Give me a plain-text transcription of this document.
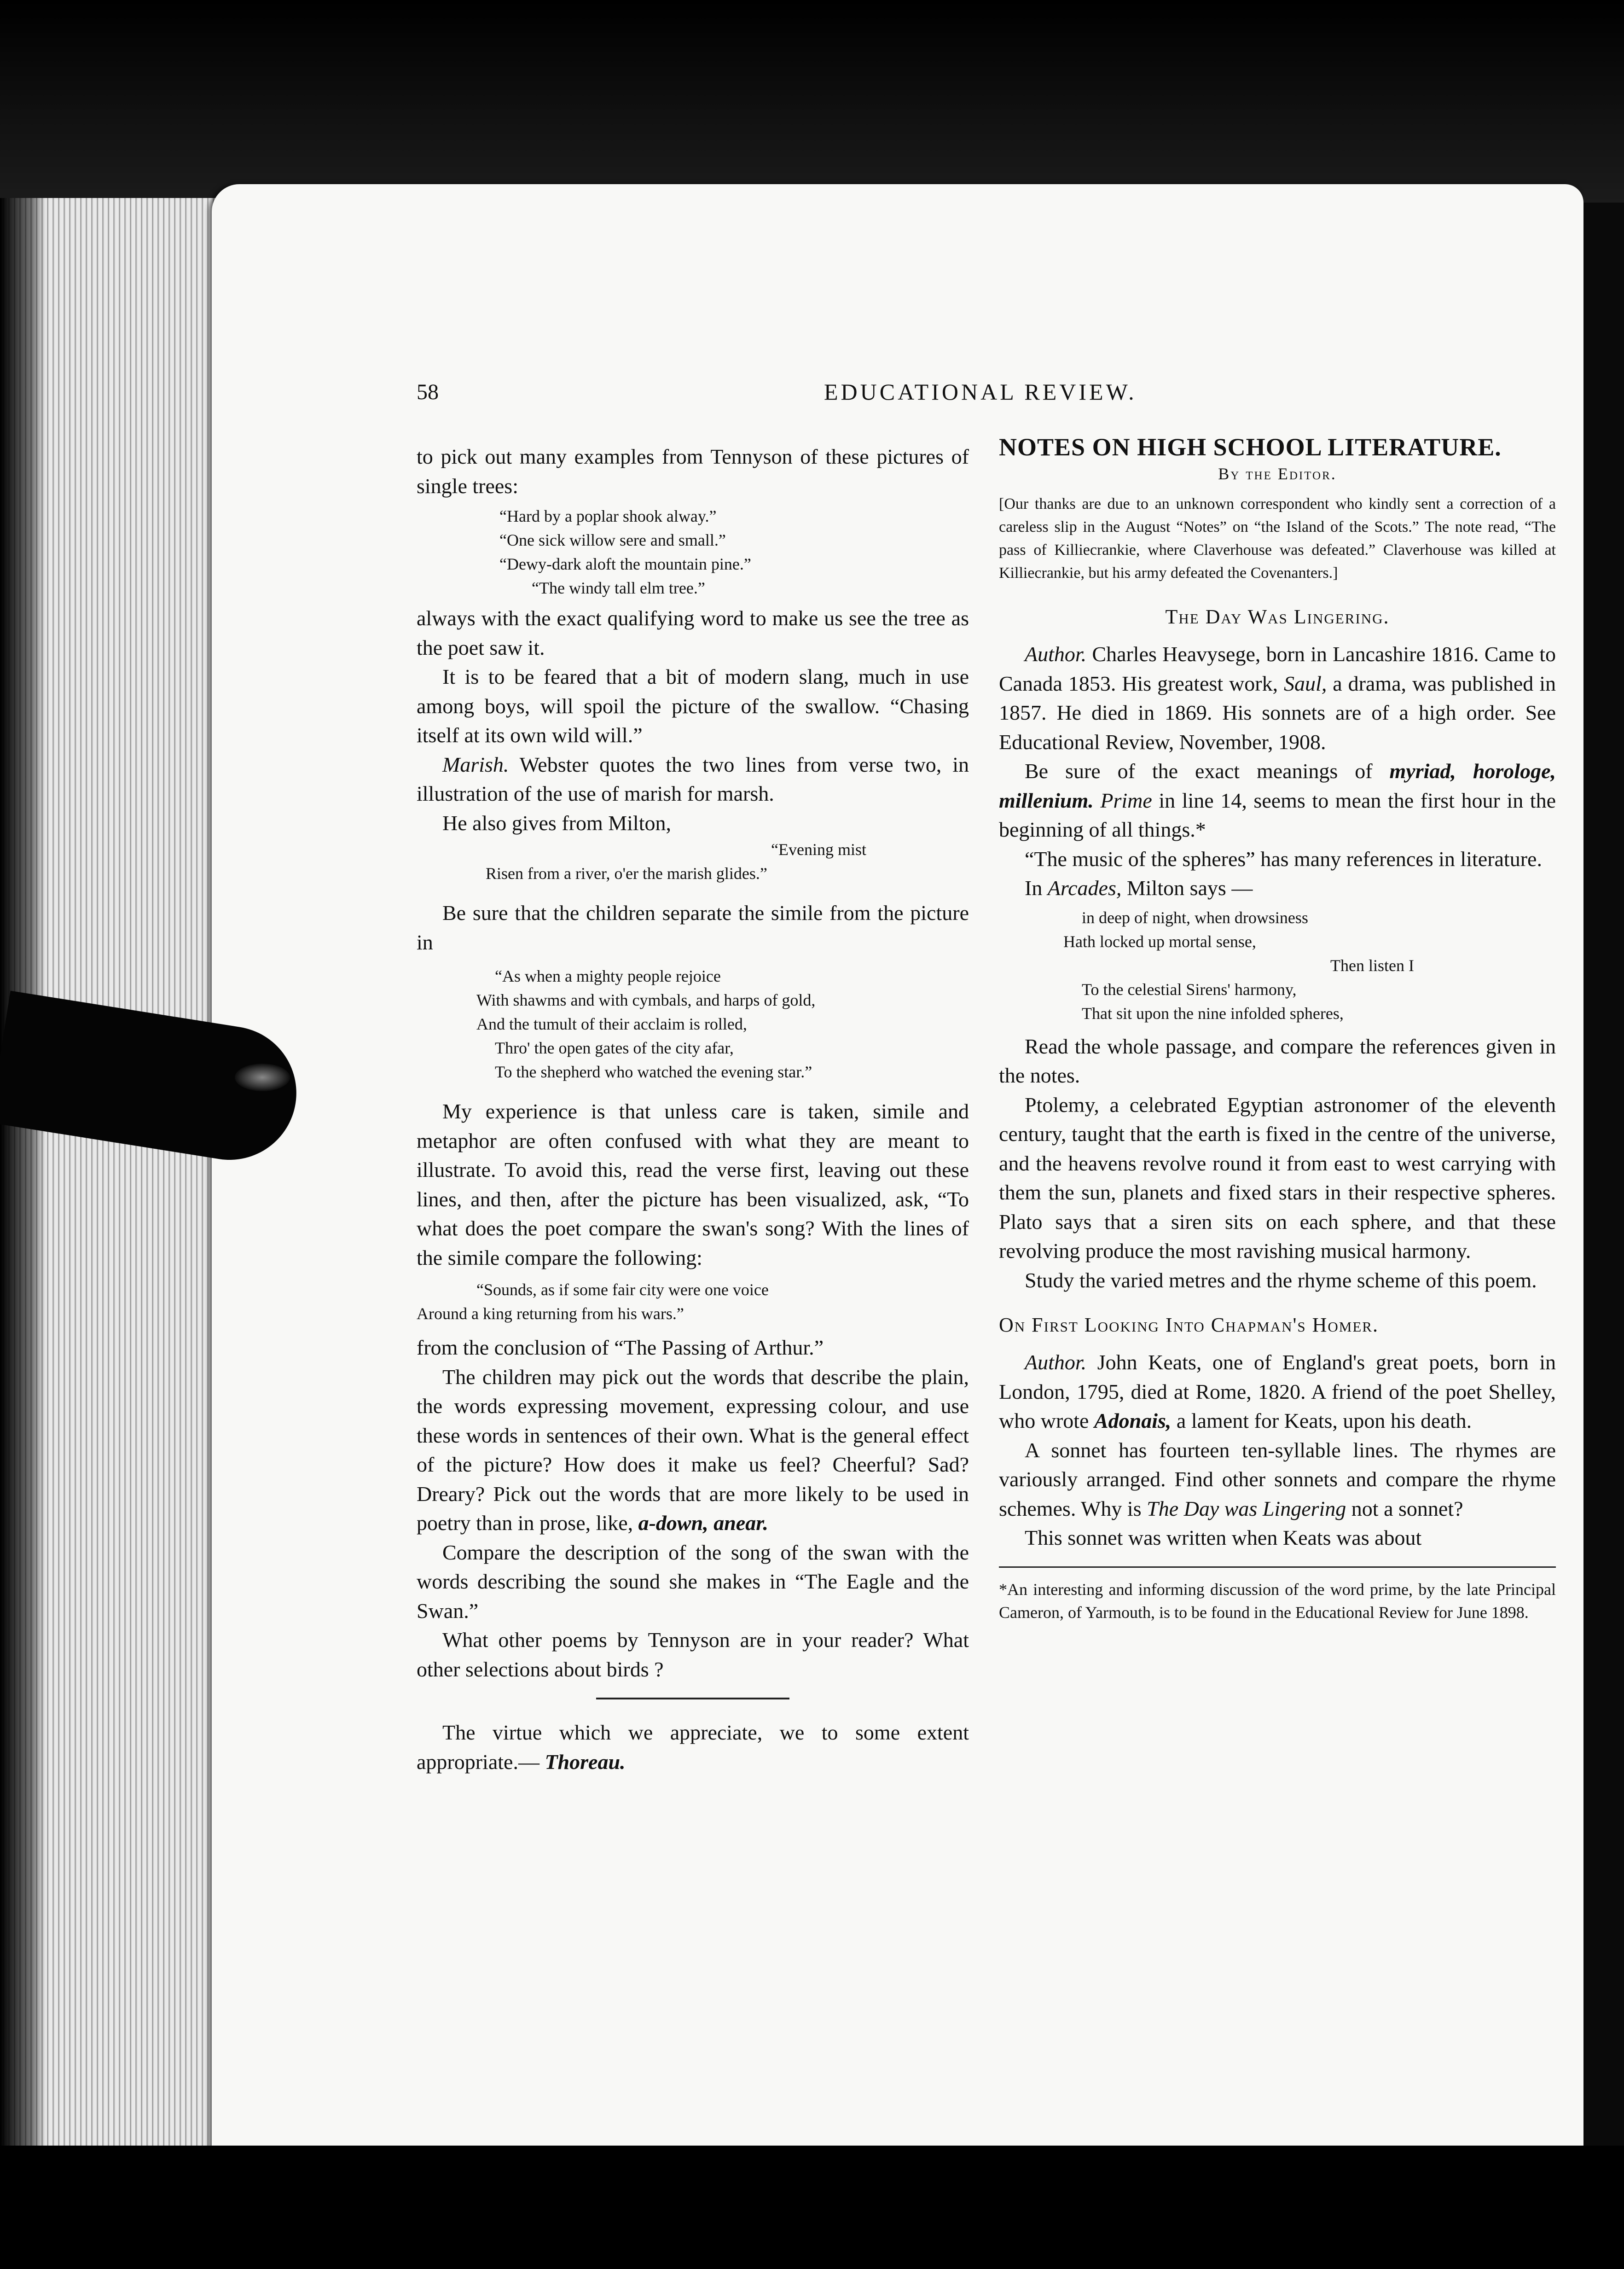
58	EDUCATIONAL REVIEW.

to pick out many examples from Tennyson of these pictures of single trees:

“Hard by a poplar shook alway.”
“One sick willow sere and small.”
“Dewy-dark aloft the mountain pine.”
“The windy tall elm tree.”

always with the exact qualifying word to make us see the tree as the poet saw it.

It is to be feared that a bit of modern slang, much in use among boys, will spoil the picture of the swallow. “Chasing itself at its own wild will.”

Marish. Webster quotes the two lines from verse two, in illustration of the use of marish for marsh.

He also gives from Milton,

“Evening mist
Risen from a river, o'er the marish glides.”

Be sure that the children separate the simile from the picture in

“As when a mighty people rejoice
With shawms and with cymbals, and harps of gold,
And the tumult of their acclaim is rolled,
Thro' the open gates of the city afar,
To the shepherd who watched the evening star.”

My experience is that unless care is taken, simile and metaphor are often confused with what they are meant to illustrate. To avoid this, read the verse first, leaving out these lines, and then, after the picture has been visualized, ask, “To what does the poet compare the swan's song? With the lines of the simile compare the following:

“Sounds, as if some fair city were one voice
Around a king returning from his wars.”

from the conclusion of “The Passing of Arthur.”

The children may pick out the words that describe the plain, the words expressing movement, expressing colour, and use these words in sentences of their own. What is the general effect of the picture? How does it make us feel? Cheerful? Sad? Dreary? Pick out the words that are more likely to be used in poetry than in prose, like, a-down, anear.

Compare the description of the song of the swan with the words describing the sound she makes in “The Eagle and the Swan.”

What other poems by Tennyson are in your reader? What other selections about birds ?

The virtue which we appreciate, we to some extent appropriate.— Thoreau.

NOTES ON HIGH SCHOOL LITERATURE.

By the Editor.

[Our thanks are due to an unknown correspondent who kindly sent a correction of a careless slip in the August “Notes” on “the Island of the Scots.” The note read, “The pass of Killiecrankie, where Claverhouse was defeated.” Claverhouse was killed at Killiecrankie, but his army defeated the Covenanters.]

The Day Was Lingering.

Author. Charles Heavysege, born in Lancashire 1816. Came to Canada 1853. His greatest work, Saul, a drama, was published in 1857. He died in 1869. His sonnets are of a high order. See Educational Review, November, 1908.

Be sure of the exact meanings of myriad, horologe, millenium. Prime in line 14, seems to mean the first hour in the beginning of all things.*

“The music of the spheres” has many references in literature.

In Arcades, Milton says —

in deep of night, when drowsiness
Hath locked up mortal sense,
Then listen I
To the celestial Sirens' harmony,
That sit upon the nine infolded spheres,

Read the whole passage, and compare the references given in the notes.

Ptolemy, a celebrated Egyptian astronomer of the eleventh century, taught that the earth is fixed in the centre of the universe, and the heavens revolve round it from east to west carrying with them the sun, planets and fixed stars in their respective spheres. Plato says that a siren sits on each sphere, and that these revolving produce the most ravishing musical harmony.

Study the varied metres and the rhyme scheme of this poem.

On First Looking Into Chapman's Homer.

Author. John Keats, one of England's great poets, born in London, 1795, died at Rome, 1820. A friend of the poet Shelley, who wrote Adonais, a lament for Keats, upon his death.

A sonnet has fourteen ten-syllable lines. The rhymes are variously arranged. Find other sonnets and compare the rhyme schemes. Why is The Day was Lingering not a sonnet?

This sonnet was written when Keats was about

*An interesting and informing discussion of the word prime, by the late Principal Cameron, of Yarmouth, is to be found in the Educational Review for June 1898.
